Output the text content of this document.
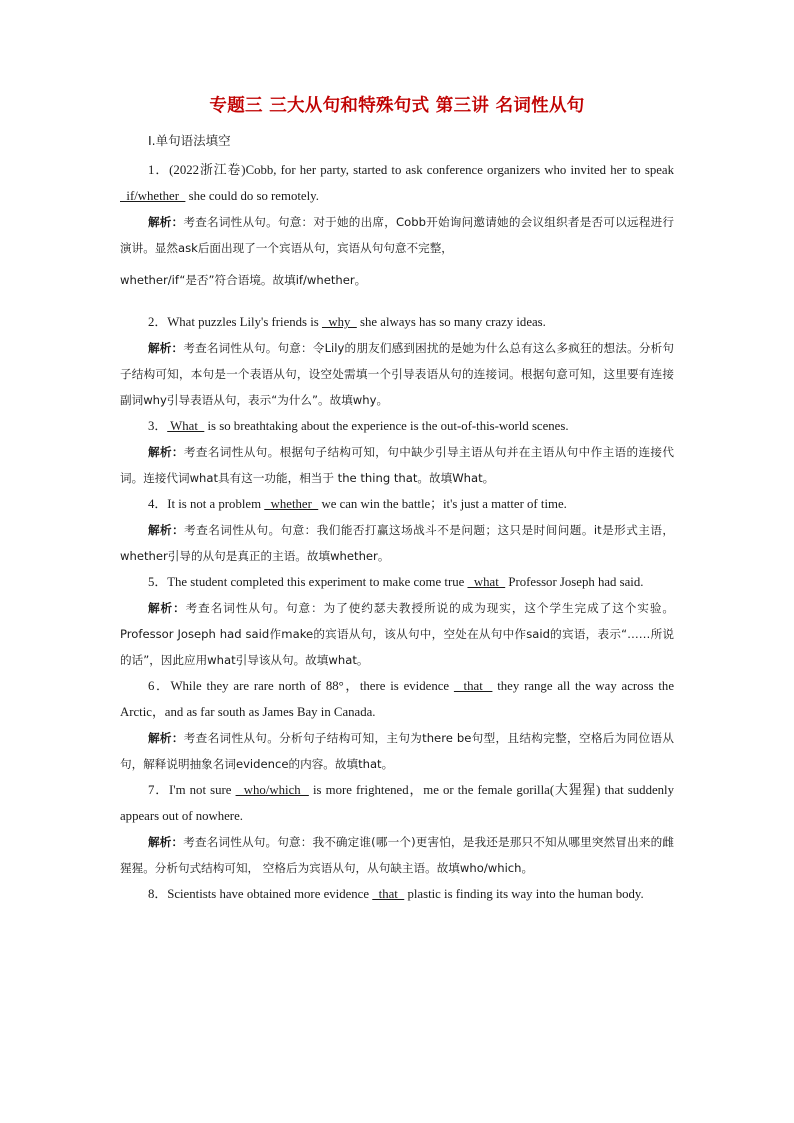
专题三 三大从句和特殊句式 第三讲 名词性从句
Ⅰ.单句语法填空

1．(2022浙江卷)Cobb, for her party, started to ask conference organizers who invited her to speak   if/whether   she could do so remotely.

解析：考查名词性从句。句意：对于她的出席，Cobb开始询问邀请她的会议组织者是否可以远程进行演讲。显然ask后面出现了一个宾语从句，宾语从句句意不完整，

whether/if“是否”符合语境。故填if/whether。

2．What puzzles Lily's friends is   why   she always has so many crazy ideas.

解析：考查名词性从句。句意：令Lily的朋友们感到困扰的是她为什么总有这么多疯狂的想法。分析句子结构可知，本句是一个表语从句，设空处需填一个引导表语从句的连接词。根据句意可知，这里要有连接副词why引导表语从句，表示“为什么”。故填why。

3． What   is so breathtaking about the experience is the out-of-this-world scenes.

解析：考查名词性从句。根据句子结构可知，句中缺少引导主语从句并在主语从句中作主语的连接代词。连接代词what具有这一功能，相当于 the thing that。故填What。

4．It is not a problem   whether   we can win the battle；it's just a matter of time.

解析：考查名词性从句。句意：我们能否打赢这场战斗不是问题；这只是时间问题。it是形式主语，whether引导的从句是真正的主语。故填whether。

5．The student completed this experiment to make come true   what   Professor Joseph had said.

解析：考查名词性从句。句意：为了使约瑟夫教授所说的成为现实，这个学生完成了这个实验。 Professor Joseph had said作make的宾语从句，该从句中，空处在从句中作said的宾语，表示“……所说的话”，因此应用what引导该从句。故填what。

6．While they are rare north of 88°，there is evidence   that   they range all the way across the Arctic，and as far south as James Bay in Canada.

解析：考查名词性从句。分析句子结构可知，主句为there be句型，且结构完整，空格后为同位语从句，解释说明抽象名词evidence的内容。故填that。

7．I'm not sure   who/which   is more frightened，me or the female gorilla(大猩猩) that suddenly appears out of nowhere.

解析：考查名词性从句。句意：我不确定谁(哪一个)更害怕，是我还是那只不知从哪里突然冒出来的雌猩猩。分析句式结构可知， 空格后为宾语从句，从句缺主语。故填who/which。

8．Scientists have obtained more evidence   that   plastic is finding its way into the human body.
